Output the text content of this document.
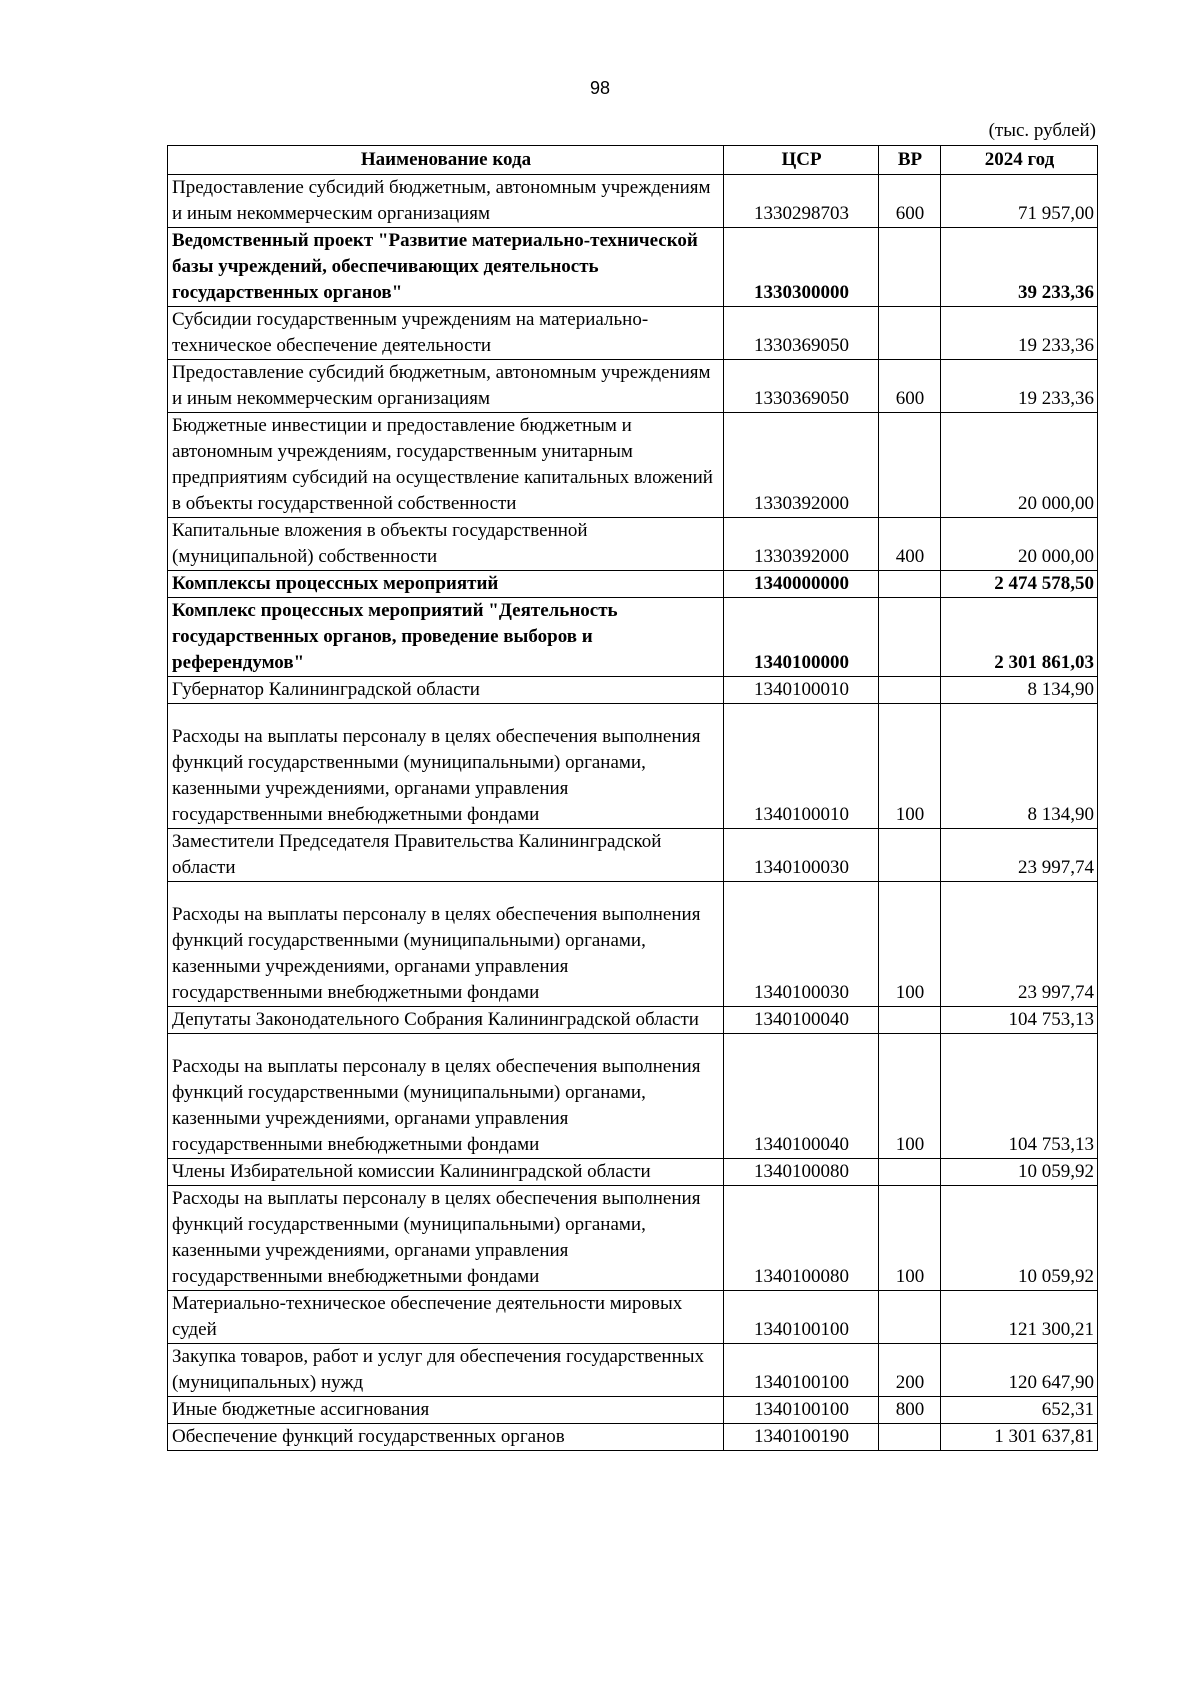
98
(тыс. рублей)
Наименование кода	ЦСР	ВР	2024 год
Предоставление субсидий бюджетным, автономным учреждениям и иным некоммерческим организациям	1330298703	600	71 957,00
Ведомственный проект "Развитие материально-технической базы учреждений, обеспечивающих деятельность государственных органов"	1330300000		39 233,36
Субсидии государственным учреждениям на материально-техническое обеспечение деятельности	1330369050		19 233,36
Предоставление субсидий бюджетным, автономным учреждениям и иным некоммерческим организациям	1330369050	600	19 233,36
Бюджетные инвестиции и предоставление бюджетным и автономным учреждениям, государственным унитарным предприятиям субсидий на осуществление капитальных вложений в объекты государственной собственности	1330392000		20 000,00
Капитальные вложения в объекты государственной (муниципальной) собственности	1330392000	400	20 000,00
Комплексы процессных мероприятий	1340000000		2 474 578,50
Комплекс процессных мероприятий "Деятельность государственных органов, проведение выборов и референдумов"	1340100000		2 301 861,03
Губернатор Калининградской области	1340100010		8 134,90
Расходы на выплаты персоналу в целях обеспечения выполнения функций государственными (муниципальными) органами, казенными учреждениями, органами управления государственными внебюджетными фондами	1340100010	100	8 134,90
Заместители Председателя Правительства Калининградской области	1340100030		23 997,74
Расходы на выплаты персоналу в целях обеспечения выполнения функций государственными (муниципальными) органами, казенными учреждениями, органами управления государственными внебюджетными фондами	1340100030	100	23 997,74
Депутаты Законодательного Собрания Калининградской области	1340100040		104 753,13
Расходы на выплаты персоналу в целях обеспечения выполнения функций государственными (муниципальными) органами, казенными учреждениями, органами управления государственными внебюджетными фондами	1340100040	100	104 753,13
Члены Избирательной комиссии Калининградской области	1340100080		10 059,92
Расходы на выплаты персоналу в целях обеспечения выполнения функций государственными (муниципальными) органами, казенными учреждениями, органами управления государственными внебюджетными фондами	1340100080	100	10 059,92
Материально-техническое обеспечение деятельности мировых судей	1340100100		121 300,21
Закупка товаров, работ и услуг для обеспечения государственных (муниципальных) нужд	1340100100	200	120 647,90
Иные бюджетные ассигнования	1340100100	800	652,31
Обеспечение функций государственных органов	1340100190		1 301 637,81
